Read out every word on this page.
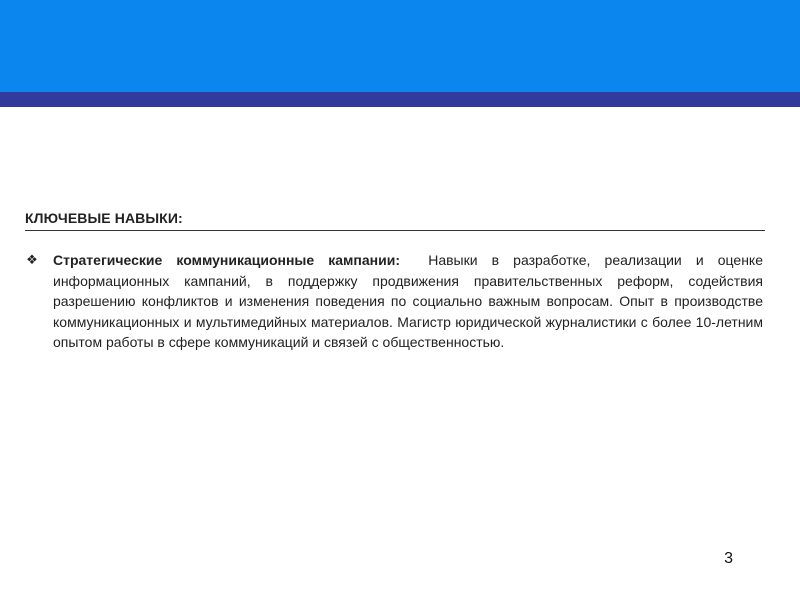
КЛЮЧЕВЫЕ НАВЫКИ:
❖ Стратегические коммуникационные кампании: Навыки в разработке, реализации и оценке информационных кампаний, в поддержку продвижения правительственных реформ, содействия разрешению конфликтов и изменения поведения по социально важным вопросам. Опыт в производстве коммуникационных и мультимедийных материалов. Магистр юридической журналистики с более 10-летним опытом работы в сфере коммуникаций и связей с общественностью.
3
